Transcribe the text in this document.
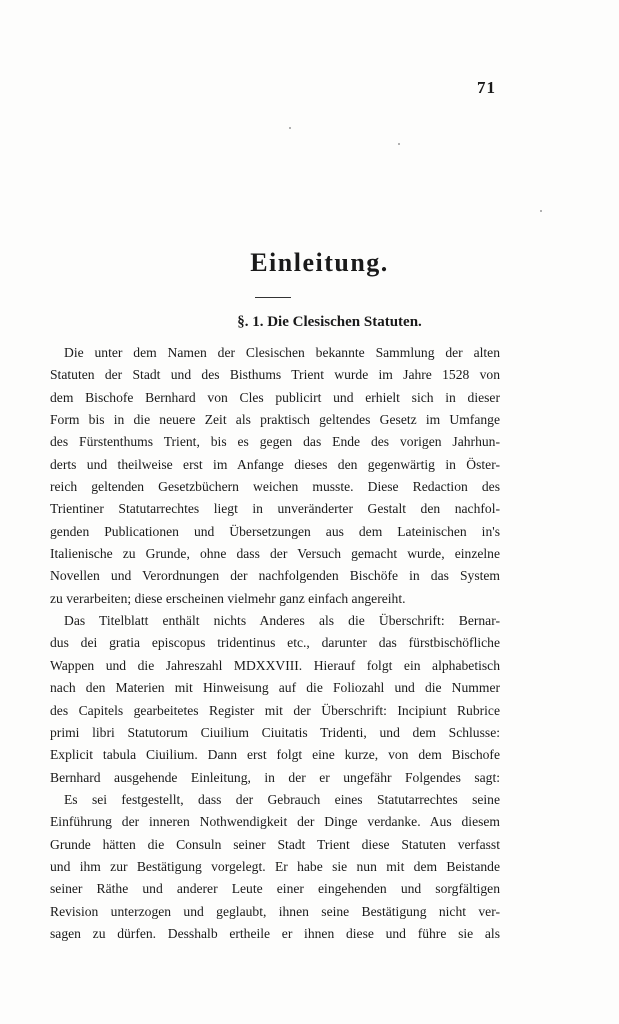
71
Einleitung.
§. 1. Die Clesischen Statuten.
Die unter dem Namen der Clesischen bekannte Sammlung der alten
Statuten der Stadt und des Bisthums Trient wurde im Jahre 1528 von
dem Bischofe Bernhard von Cles publicirt und erhielt sich in dieser
Form bis in die neuere Zeit als praktisch geltendes Gesetz im Umfange
des Fürstenthums Trient, bis es gegen das Ende des vorigen Jahrhun-
derts und theilweise erst im Anfange dieses den gegenwärtig in Öster-
reich geltenden Gesetzbüchern weichen musste. Diese Redaction des
Trientiner Statutarrechtes liegt in unveränderter Gestalt den nachfol-
genden Publicationen und Übersetzungen aus dem Lateinischen in's
Italienische zu Grunde, ohne dass der Versuch gemacht wurde, einzelne
Novellen und Verordnungen der nachfolgenden Bischöfe in das System
zu verarbeiten; diese erscheinen vielmehr ganz einfach angereiht.
Das Titelblatt enthält nichts Anderes als die Überschrift: Bernar-
dus dei gratia episcopus tridentinus etc., darunter das fürstbischöfliche
Wappen und die Jahreszahl MDXXVIII. Hierauf folgt ein alphabetisch
nach den Materien mit Hinweisung auf die Foliozahl und die Nummer
des Capitels gearbeitetes Register mit der Überschrift: Incipiunt Rubrice
primi libri Statutorum Ciuilium Ciuitatis Tridenti, und dem Schlusse:
Explicit tabula Ciuilium. Dann erst folgt eine kurze, von dem Bischofe
Bernhard ausgehende Einleitung, in der er ungefähr Folgendes sagt:
Es sei festgestellt, dass der Gebrauch eines Statutarrechtes seine
Einführung der inneren Nothwendigkeit der Dinge verdanke. Aus diesem
Grunde hätten die Consuln seiner Stadt Trient diese Statuten verfasst
und ihm zur Bestätigung vorgelegt. Er habe sie nun mit dem Beistande
seiner Räthe und anderer Leute einer eingehenden und sorgfältigen
Revision unterzogen und geglaubt, ihnen seine Bestätigung nicht ver-
sagen zu dürfen. Desshalb ertheile er ihnen diese und führe sie als
